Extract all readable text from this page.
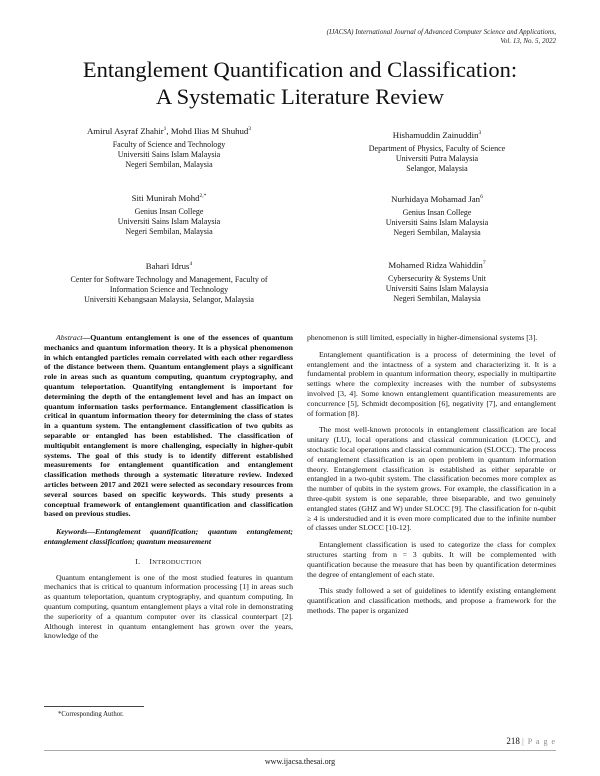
(IJACSA) International Journal of Advanced Computer Science and Applications,
Vol. 13, No. 5, 2022
Entanglement Quantification and Classification:
A Systematic Literature Review
Amirul Asyraf Zhahir$^1$, Mohd Ilias M Shuhud$^3$
Faculty of Science and Technology
Universiti Sains Islam Malaysia
Negeri Sembilan, Malaysia
Hishamuddin Zainuddin$^3$
Department of Physics, Faculty of Science
Universiti Putra Malaysia
Selangor, Malaysia
Siti Munirah Mohd$^{2,*}$
Genius Insan College
Universiti Sains Islam Malaysia
Negeri Sembilan, Malaysia
Nurhidaya Mohamad Jan$^6$
Genius Insan College
Universiti Sains Islam Malaysia
Negeri Sembilan, Malaysia
Bahari Idrus$^4$
Center for Software Technology and Management, Faculty of
Information Science and Technology
Universiti Kebangsaan Malaysia, Selangor, Malaysia
Mohamed Ridza Wahiddin$^7$
Cybersecurity & Systems Unit
Universiti Sains Islam Malaysia
Negeri Sembilan, Malaysia

Abstract—Quantum entanglement is one of the essences of quantum mechanics and quantum information theory. It is a physical phenomenon in which entangled particles remain correlated with each other regardless of the distance between them. Quantum entanglement plays a significant role in areas such as quantum computing, quantum cryptography, and quantum teleportation. Quantifying entanglement is important for determining the depth of the entanglement level and has an impact on quantum information tasks performance. Entanglement classification is critical in quantum information theory for determining the class of states in a quantum system. The entanglement classification of two qubits as separable or entangled has been established. The classification of multiqubit entanglement is more challenging, especially in higher-qubit systems. The goal of this study is to identify different established measurements for entanglement quantification and entanglement classification methods through a systematic literature review. Indexed articles between 2017 and 2021 were selected as secondary resources from several sources based on specific keywords. This study presents a conceptual framework of entanglement quantification and classification based on previous studies.

Keywords—Entanglement quantification; quantum entanglement; entanglement classification; quantum measurement

I. INTRODUCTION

Quantum entanglement is one of the most studied features in quantum mechanics that is critical to quantum information processing [1] in areas such as quantum teleportation, quantum cryptography, and quantum computing. In quantum computing, quantum entanglement plays a vital role in demonstrating the superiority of a quantum computer over its classical counterpart [2]. Although interest in quantum entanglement has grown over the years, knowledge of the

phenomenon is still limited, especially in higher-dimensional systems [3].

Entanglement quantification is a process of determining the level of entanglement and the intactness of a system and characterizing it. It is a fundamental problem in quantum information theory, especially in multipartite settings where the complexity increases with the number of subsystems involved [3, 4]. Some known entanglement quantification measurements are concurrence [5], Schmidt decomposition [6], negativity [7], and entanglement of formation [8].

The most well-known protocols in entanglement classification are local unitary (LU), local operations and classical communication (LOCC), and stochastic local operations and classical communication (SLOCC). The process of entanglement classification is an open problem in quantum information theory. Entanglement classification is established as either separable or entangled in a two-qubit system. The classification becomes more complex as the number of qubits in the system grows. For example, the classification in a three-qubit system is one separable, three biseparable, and two genuinely entangled states (GHZ and W) under SLOCC [9]. The classification for n-qubit ≥ 4 is understudied and it is even more complicated due to the infinite number of classes under SLOCC [10-12].

Entanglement classification is used to categorize the class for complex structures starting from n = 3 qubits. It will be complemented with quantification because the measure that has been by quantification determines the degree of entanglement of each state.

This study followed a set of guidelines to identify existing entanglement quantification and classification methods, and propose a framework for the methods. The paper is organized

*Corresponding Author.
218 | P a g e
www.ijacsa.thesai.org
